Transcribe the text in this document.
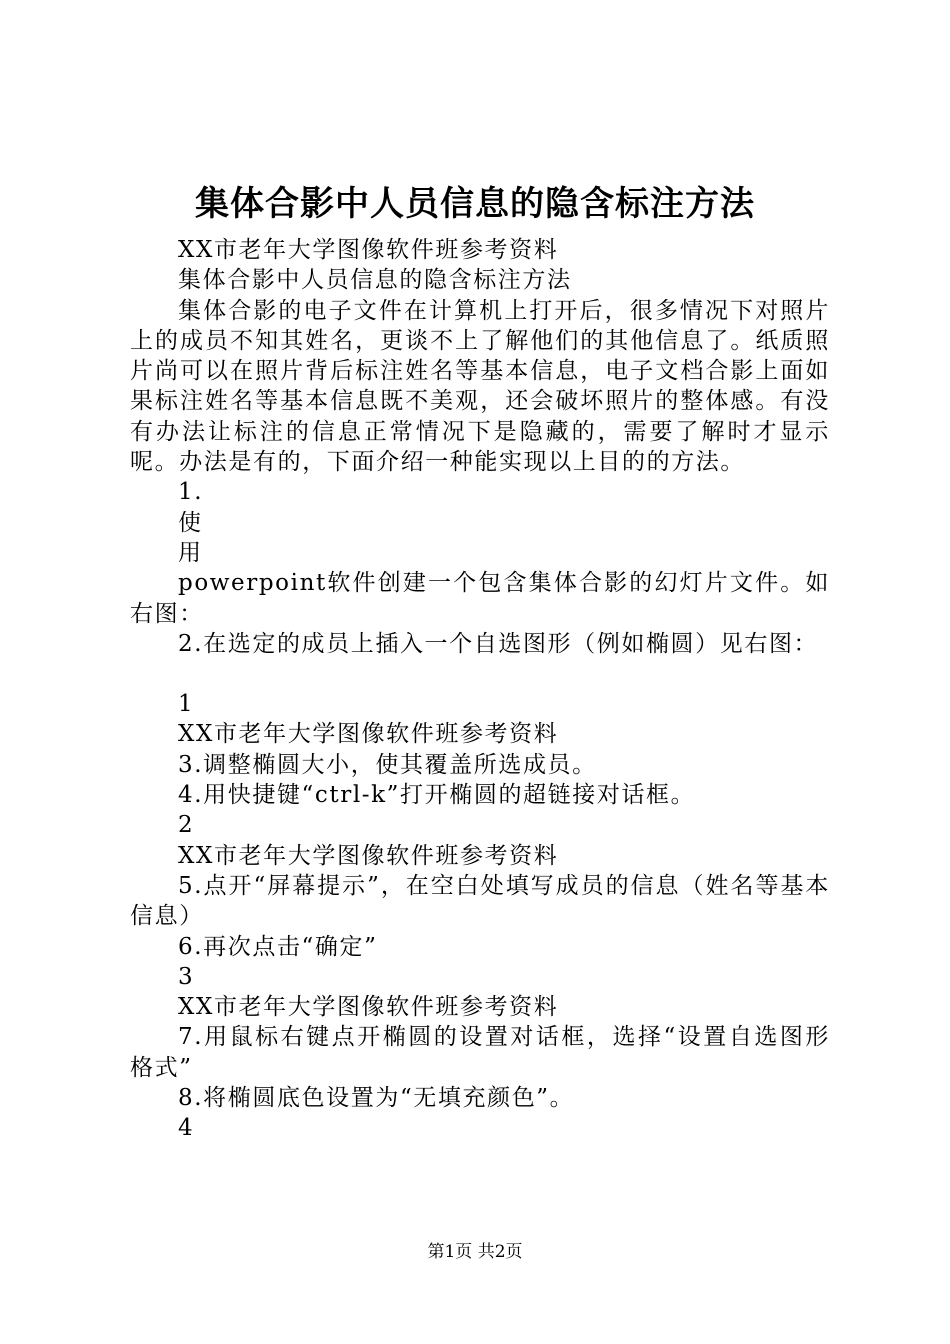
集体合影中人员信息的隐含标注方法

XX市老年大学图像软件班参考资料

集体合影中人员信息的隐含标注方法

集体合影的电子文件在计算机上打开后，很多情况下对照片上的成员不知其姓名，更谈不上了解他们的其他信息了。纸质照片尚可以在照片背后标注姓名等基本信息，电子文档合影上面如果标注姓名等基本信息既不美观，还会破坏照片的整体感。有没有办法让标注的信息正常情况下是隐藏的，需要了解时才显示呢。办法是有的，下面介绍一种能实现以上目的的方法。

1.

使

用

powerpoint软件创建一个包含集体合影的幻灯片文件。如右图：

2.在选定的成员上插入一个自选图形（例如椭圆）见右图：

1

XX市老年大学图像软件班参考资料

3.调整椭圆大小，使其覆盖所选成员。

4.用快捷键“ctrl-k”打开椭圆的超链接对话框。

2

XX市老年大学图像软件班参考资料

5.点开“屏幕提示”，在空白处填写成员的信息（姓名等基本信息）

6.再次点击“确定”

3

XX市老年大学图像软件班参考资料

7.用鼠标右键点开椭圆的设置对话框，选择“设置自选图形格式”

8.将椭圆底色设置为“无填充颜色”。

4

第1页 共2页
